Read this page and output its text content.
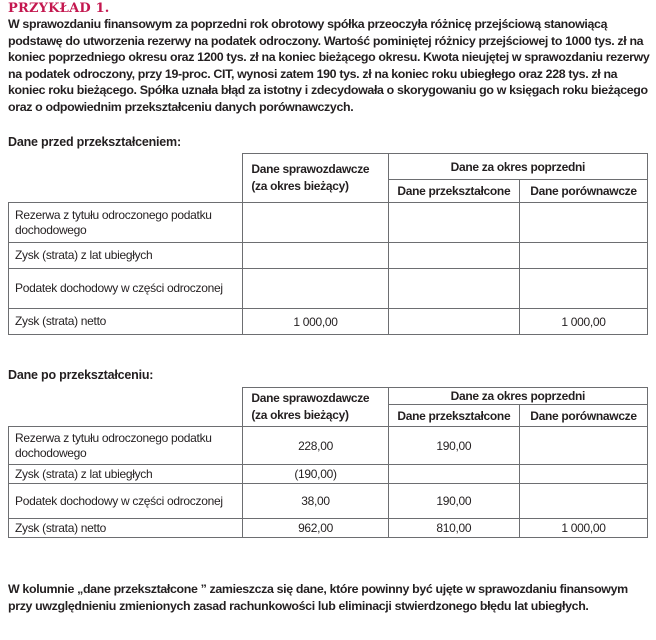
PRZYKŁAD 1.
W sprawozdaniu finansowym za poprzedni rok obrotowy spółka przeoczyła różnicę przejściową stanowiącą podstawę do utworzenia rezerwy na podatek odroczony. Wartość pominiętej różnicy przejściowej to 1000 tys. zł na koniec poprzedniego okresu oraz 1200 tys. zł na koniec bieżącego okresu. Kwota nieujętej w sprawozdaniu rezerwy na podatek odroczony, przy 19-proc. CIT, wynosi zatem 190 tys. zł na koniec roku ubiegłego oraz 228 tys. zł na koniec roku bieżącego. Spółka uznała błąd za istotny i zdecydowała o skorygowaniu go w księgach roku bieżącego oraz o odpowiednim przekształceniu danych porównawczych.
Dane przed przekształceniem:
	Dane sprawozdawcze (za okres bieżący)	Dane za okres poprzedni	
		Dane przekształcone	Dane porównawcze
Rezerwa z tytułu odroczonego podatku dochodowego			
Zysk (strata) z lat ubiegłych			
Podatek dochodowy w części odroczonej			
Zysk (strata) netto	1 000,00		1 000,00
Dane po przekształceniu:
	Dane sprawozdawcze (za okres bieżący)	Dane za okres poprzedni	
		Dane przekształcone	Dane porównawcze
Rezerwa z tytułu odroczonego podatku dochodowego	228,00	190,00	
Zysk (strata) z lat ubiegłych	(190,00)		
Podatek dochodowy w części odroczonej	38,00	190,00	
Zysk (strata) netto	962,00	810,00	1 000,00
W kolumnie „dane przekształcone ” zamieszcza się dane, które powinny być ujęte w sprawozdaniu finansowym przy uwzględnieniu zmienionych zasad rachunkowości lub eliminacji stwierdzonego błędu lat ubiegłych.
